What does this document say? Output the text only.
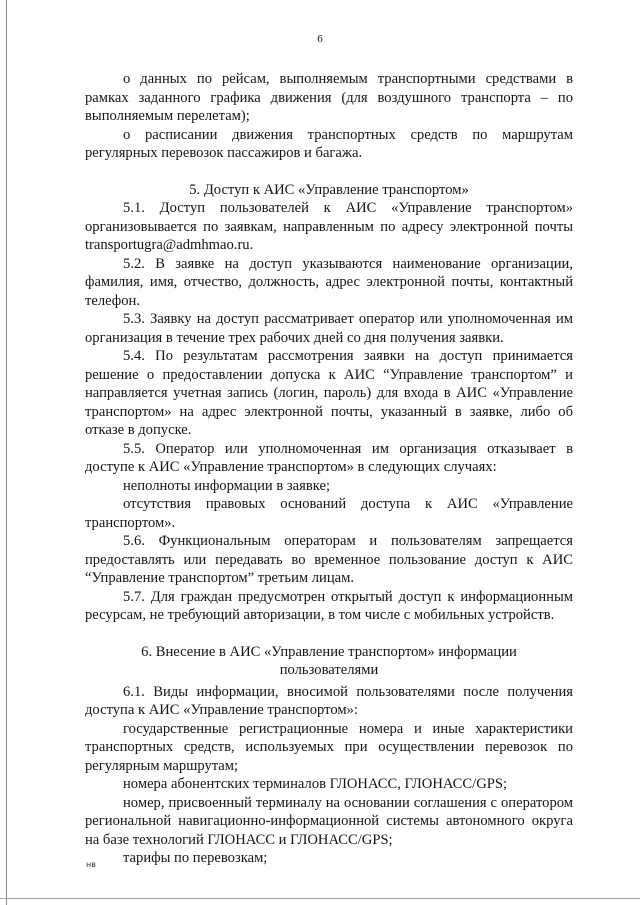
6

о данных по рейсам, выполняемым транспортными средствами в рамках заданного графика движения (для воздушного транспорта – по выполняемым перелетам);

о расписании движения транспортных средств по маршрутам регулярных перевозок пассажиров и багажа.

5. Доступ к АИС «Управление транспортом»

5.1. Доступ пользователей к АИС «Управление транспортом» организовывается по заявкам, направленным по адресу электронной почты transportugra@admhmao.ru.

5.2. В заявке на доступ указываются наименование организации, фамилия, имя, отчество, должность, адрес электронной почты, контактный телефон.

5.3. Заявку на доступ рассматривает оператор или уполномоченная им организация в течение трех рабочих дней со дня получения заявки.

5.4. По результатам рассмотрения заявки на доступ принимается решение о предоставлении допуска к АИС “Управление транспортом” и направляется учетная запись (логин, пароль) для входа в АИС «Управление транспортом» на адрес электронной почты, указанный в заявке, либо об отказе в допуске.

5.5. Оператор или уполномоченная им организация отказывает в доступе к АИС «Управление транспортом» в следующих случаях:

неполноты информации в заявке;

отсутствия правовых оснований доступа к АИС «Управление транспортом».

5.6. Функциональным операторам и пользователям запрещается предоставлять или передавать во временное пользование доступ к АИС “Управление транспортом” третьим лицам.

5.7. Для граждан предусмотрен открытый доступ к информационным ресурсам, не требующий авторизации, в том числе с мобильных устройств.

6. Внесение в АИС «Управление транспортом» информации

пользователями

6.1. Виды информации, вносимой пользователями после получения доступа к АИС «Управление транспортом»:

государственные регистрационные номера и иные характеристики транспортных средств, используемых при осуществлении перевозок по регулярным маршрутам;

номера абонентских терминалов ГЛОНАСС, ГЛОНАСС/GPS;

номер, присвоенный терминалу на основании соглашения с оператором региональной навигационно-информационной системы автономного округа на базе технологий ГЛОНАСС и ГЛОНАСС/GPS;

тарифы по перевозкам;

нв
